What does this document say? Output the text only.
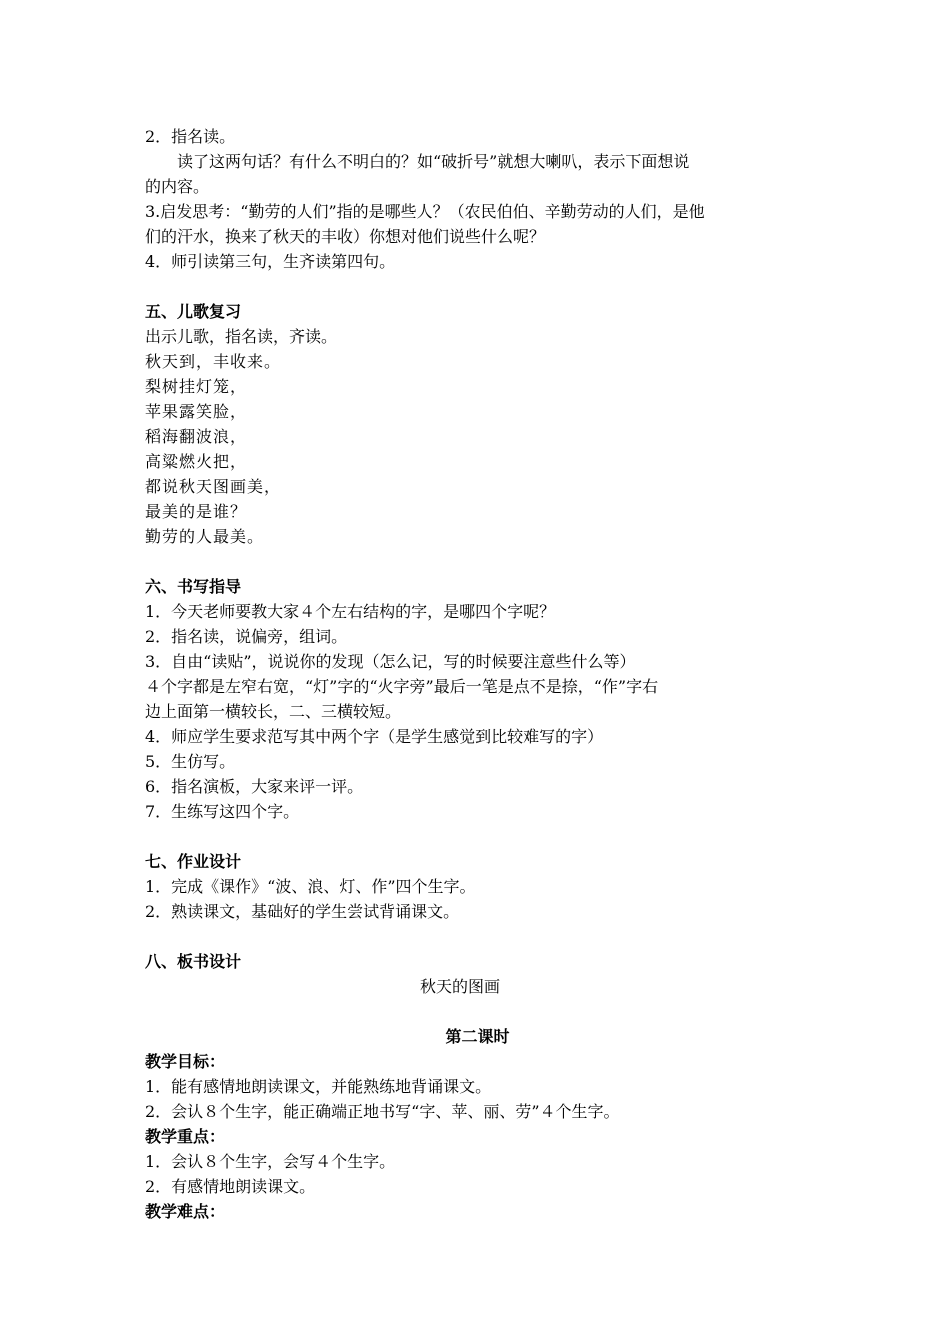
2．指名读。
读了这两句话？有什么不明白的？如“破折号”就想大喇叭，表示下面想说
的内容。
3.启发思考：“勤劳的人们”指的是哪些人？（农民伯伯、辛勤劳动的人们，是他
们的汗水，换来了秋天的丰收）你想对他们说些什么呢？
4．师引读第三句，生齐读第四句。
五、儿歌复习
出示儿歌，指名读，齐读。
秋天到，丰收来。
梨树挂灯笼，
苹果露笑脸，
稻海翻波浪，
高粱燃火把，
都说秋天图画美，
最美的是谁？
勤劳的人最美。
六、书写指导
1．今天老师要教大家４个左右结构的字，是哪四个字呢？
2．指名读，说偏旁，组词。
3．自由“读贴”，说说你的发现（怎么记，写的时候要注意些什么等）
４个字都是左窄右宽，“灯”字的“火字旁”最后一笔是点不是捺，“作”字右
边上面第一横较长，二、三横较短。
4．师应学生要求范写其中两个字（是学生感觉到比较难写的字）
5．生仿写。
6．指名演板，大家来评一评。
7．生练写这四个字。
七、作业设计
1．完成《课作》“波、浪、灯、作”四个生字。
2．熟读课文，基础好的学生尝试背诵课文。
八、板书设计
秋天的图画
第二课时
教学目标：
1．能有感情地朗读课文，并能熟练地背诵课文。
2．会认８个生字，能正确端正地书写“字、苹、丽、劳”４个生字。
教学重点：
1．会认８个生字，会写４个生字。
2．有感情地朗读课文。
教学难点：
